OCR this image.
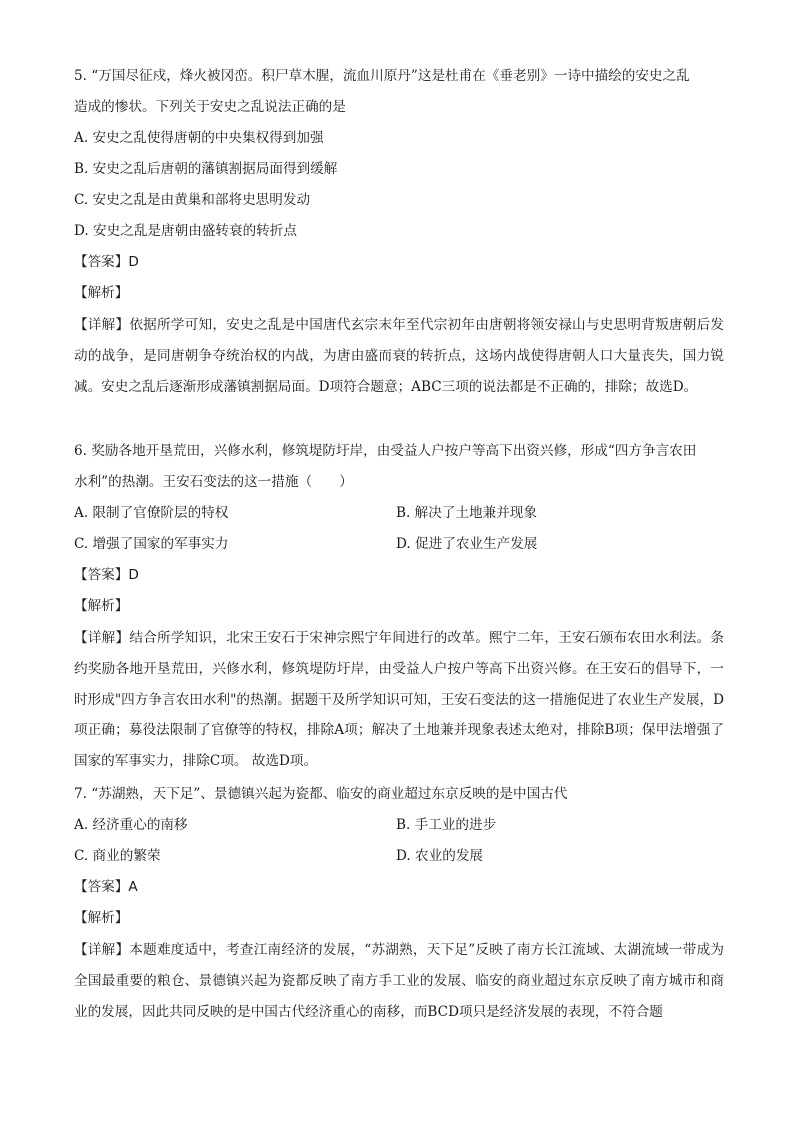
5. “万国尽征戍，烽火被冈峦。积尸草木腥，流血川原丹”这是杜甫在《垂老别》一诗中描绘的安史之乱
造成的惨状。下列关于安史之乱说法正确的是
A. 安史之乱使得唐朝的中央集权得到加强
B. 安史之乱后唐朝的藩镇割据局面得到缓解
C. 安史之乱是由黄巢和部将史思明发动
D. 安史之乱是唐朝由盛转衰的转折点
【答案】D
【解析】
【详解】依据所学可知，安史之乱是中国唐代玄宗末年至代宗初年由唐朝将领安禄山与史思明背叛唐朝后发动的战争，是同唐朝争夺统治权的内战，为唐由盛而衰的转折点，这场内战使得唐朝人口大量丧失，国力锐减。安史之乱后逐渐形成藩镇割据局面。D项符合题意；ABC三项的说法都是不正确的，排除；故选D。
6. 奖励各地开垦荒田，兴修水利，修筑堤防圩岸，由受益人户按户等高下出资兴修，形成“四方争言农田
水利”的热潮。王安石变法的这一措施（　　）
A. 限制了官僚阶层的特权	B. 解决了土地兼并现象
C. 增强了国家的军事实力	D. 促进了农业生产发展
【答案】D
【解析】
【详解】结合所学知识，北宋王安石于宋神宗熙宁年间进行的改革。熙宁二年，王安石颁布农田水利法。条约奖励各地开垦荒田，兴修水利，修筑堤防圩岸，由受益人户按户等高下出资兴修。在王安石的倡导下，一时形成"四方争言农田水利"的热潮。据题干及所学知识可知，王安石变法的这一措施促进了农业生产发展，D项正确；募役法限制了官僚等的特权，排除A项；解决了土地兼并现象表述太绝对，排除B项；保甲法增强了国家的军事实力，排除C项。 故选D项。
7. “苏湖熟，天下足”、景德镇兴起为瓷都、临安的商业超过东京反映的是中国古代
A. 经济重心的南移	B. 手工业的进步
C. 商业的繁荣	D. 农业的发展
【答案】A
【解析】
【详解】本题难度适中，考查江南经济的发展，“苏湖熟，天下足”反映了南方长江流域、太湖流域一带成为全国最重要的粮仓、景德镇兴起为瓷都反映了南方手工业的发展、临安的商业超过东京反映了南方城市和商业的发展，因此共同反映的是中国古代经济重心的南移，而BCD项只是经济发展的表现，不符合题
